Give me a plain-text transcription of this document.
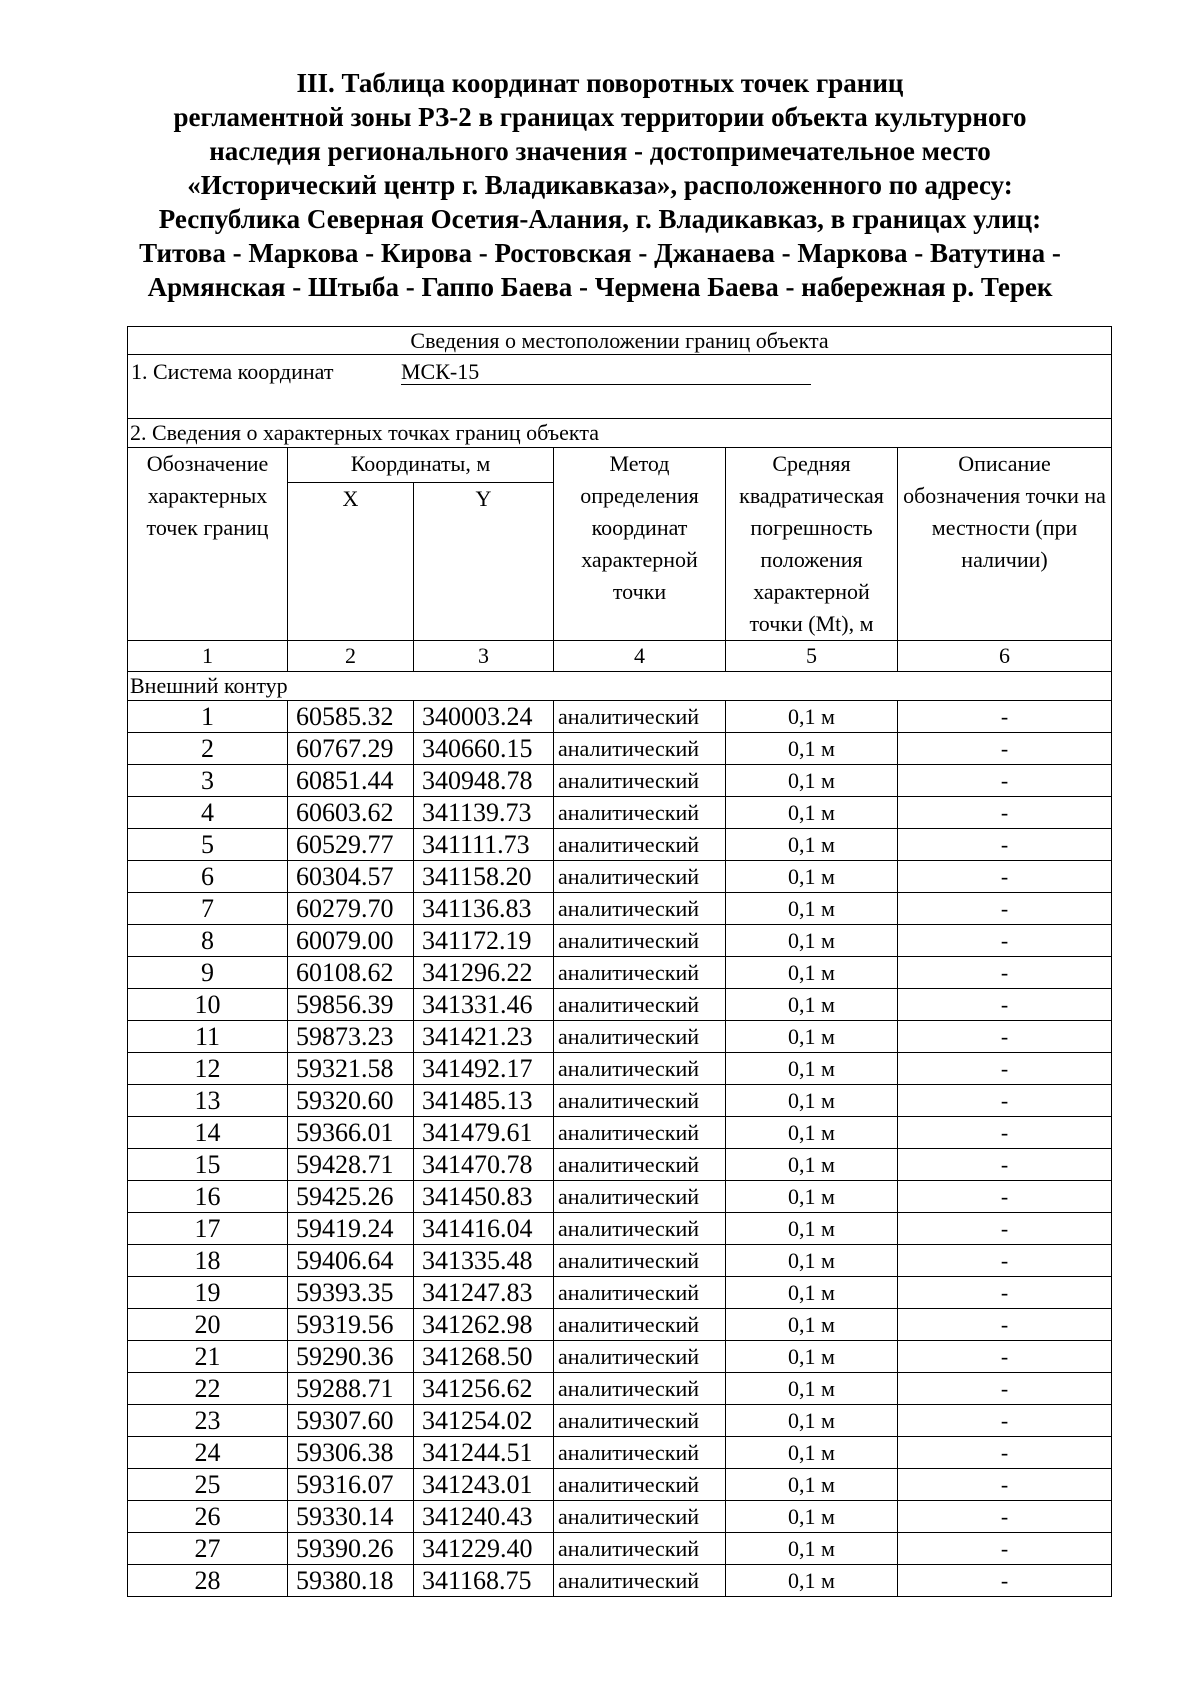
III. Таблица координат поворотных точек границ
регламентной зоны РЗ-2 в границах территории объекта культурного
наследия регионального значения - достопримечательное место
«Исторический центр г. Владикавказа», расположенного по адресу:
Республика Северная Осетия-Алания, г. Владикавказ, в границах улиц:
Титова - Маркова - Кирова - Ростовская - Джанаева - Маркова - Ватутина -
Армянская - Штыба - Гаппо Баева - Чермена Баева - набережная р. Терек
Сведения о местоположении границ объекта					
1. Система координат МСК-15					
2. Сведения о характерных точках границ объекта					
Обозначение характерных точек границ	Координаты, м		Метод определения координат характерной точки	Средняя квадратическая погрешность положения характерной точки (Mt), м	Описание обозначения точки на местности (при наличии)
	X	Y			
1	2	3	4	5	6
Внешний контур					
1	60585.32	340003.24	аналитический	0,1 м	-
2	60767.29	340660.15	аналитический	0,1 м	-
3	60851.44	340948.78	аналитический	0,1 м	-
4	60603.62	341139.73	аналитический	0,1 м	-
5	60529.77	341111.73	аналитический	0,1 м	-
6	60304.57	341158.20	аналитический	0,1 м	-
7	60279.70	341136.83	аналитический	0,1 м	-
8	60079.00	341172.19	аналитический	0,1 м	-
9	60108.62	341296.22	аналитический	0,1 м	-
10	59856.39	341331.46	аналитический	0,1 м	-
11	59873.23	341421.23	аналитический	0,1 м	-
12	59321.58	341492.17	аналитический	0,1 м	-
13	59320.60	341485.13	аналитический	0,1 м	-
14	59366.01	341479.61	аналитический	0,1 м	-
15	59428.71	341470.78	аналитический	0,1 м	-
16	59425.26	341450.83	аналитический	0,1 м	-
17	59419.24	341416.04	аналитический	0,1 м	-
18	59406.64	341335.48	аналитический	0,1 м	-
19	59393.35	341247.83	аналитический	0,1 м	-
20	59319.56	341262.98	аналитический	0,1 м	-
21	59290.36	341268.50	аналитический	0,1 м	-
22	59288.71	341256.62	аналитический	0,1 м	-
23	59307.60	341254.02	аналитический	0,1 м	-
24	59306.38	341244.51	аналитический	0,1 м	-
25	59316.07	341243.01	аналитический	0,1 м	-
26	59330.14	341240.43	аналитический	0,1 м	-
27	59390.26	341229.40	аналитический	0,1 м	-
28	59380.18	341168.75	аналитический	0,1 м	-
